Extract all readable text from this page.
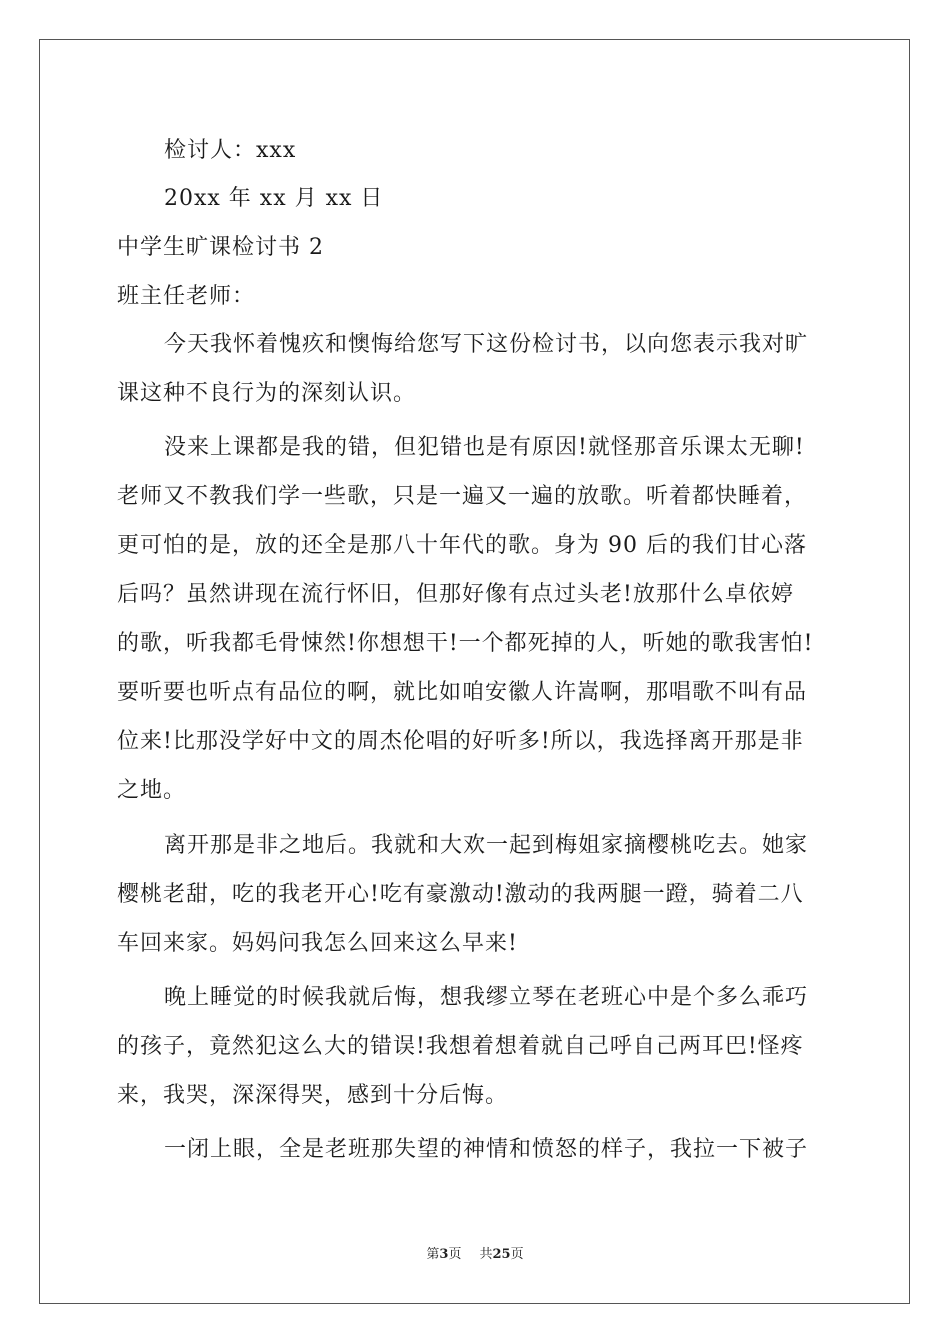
检讨人：xxx
20xx 年 xx 月 xx 日
中学生旷课检讨书 2
班主任老师：
今天我怀着愧疚和懊悔给您写下这份检讨书，以向您表示我对旷
课这种不良行为的深刻认识。
没来上课都是我的错，但犯错也是有原因!就怪那音乐课太无聊!
老师又不教我们学一些歌，只是一遍又一遍的放歌。听着都快睡着，
更可怕的是，放的还全是那八十年代的歌。身为 90 后的我们甘心落
后吗？虽然讲现在流行怀旧，但那好像有点过头老!放那什么卓依婷
的歌，听我都毛骨悚然!你想想干!一个都死掉的人，听她的歌我害怕!
要听要也听点有品位的啊，就比如咱安徽人许嵩啊，那唱歌不叫有品
位来!比那没学好中文的周杰伦唱的好听多!所以，我选择离开那是非
之地。
离开那是非之地后。我就和大欢一起到梅姐家摘樱桃吃去。她家
樱桃老甜，吃的我老开心!吃有豪激动!激动的我两腿一蹬，骑着二八
车回来家。妈妈问我怎么回来这么早来!
晚上睡觉的时候我就后悔，想我缪立琴在老班心中是个多么乖巧
的孩子，竟然犯这么大的错误!我想着想着就自己呼自己两耳巴!怪疼
来，我哭，深深得哭，感到十分后悔。
一闭上眼，全是老班那失望的神情和愤怒的样子，我拉一下被子
第3页 共25页
